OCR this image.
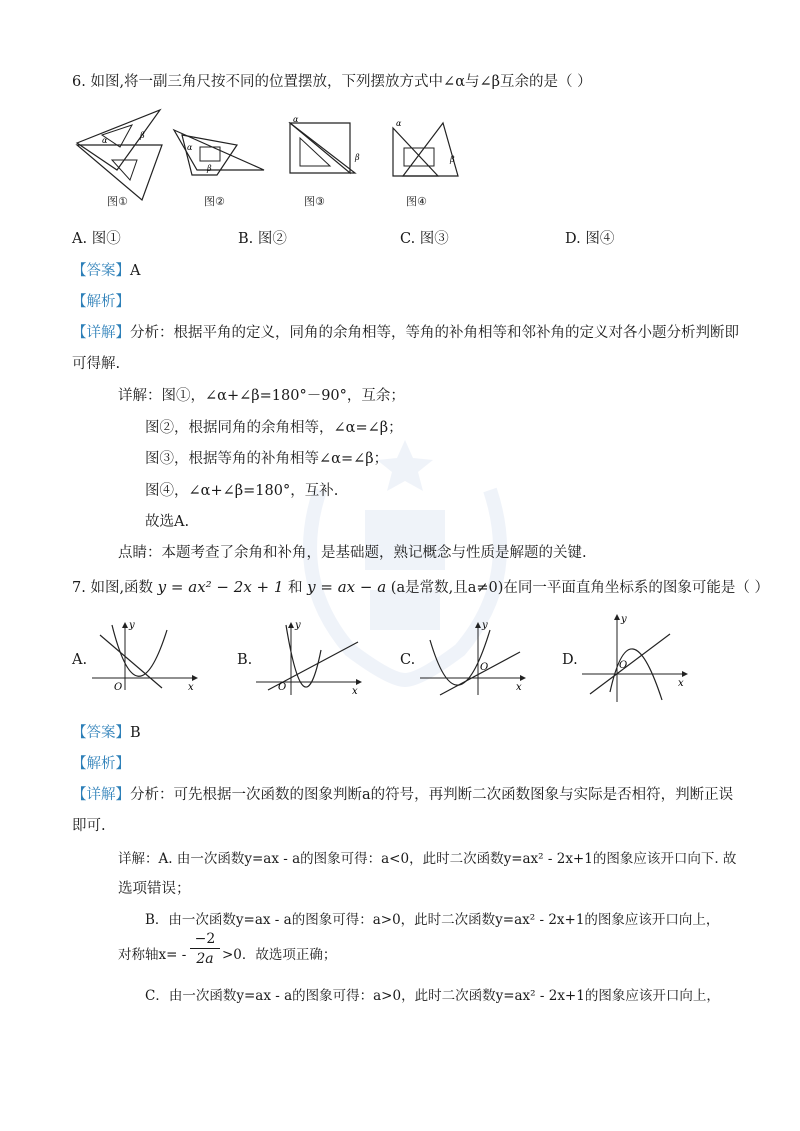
6. 如图,将一副三角尺按不同的位置摆放，下列摆放方式中∠α与∠β互余的是（ ）
α
β
α
β
α
β
α
β
图①	图②	图③	图④
A. 图①	B. 图②	C. 图③	D. 图④
【答案】A
【解析】
【详解】分析：根据平角的定义，同角的余角相等，等角的补角相等和邻补角的定义对各小题分析判断即
可得解.
详解：图①，∠α+∠β=180°－90°，互余；
图②，根据同角的余角相等，∠α=∠β；
图③，根据等角的补角相等∠α=∠β；
图④，∠α+∠β=180°，互补.
故选A.
点睛：本题考查了余角和补角，是基础题，熟记概念与性质是解题的关键.
7. 如图,函数 y = ax² − 2x + 1 和 y = ax − a (a是常数,且a≠0)在同一平面直角坐标系的图象可能是（ ）
A.	B.	C.	D.
x
y
O	x
y
O	x
y
O
x
y
O
【答案】B
【解析】
【详解】分析：可先根据一次函数的图象判断a的符号，再判断二次函数图象与实际是否相符，判断正误
即可.
详解：A. 由一次函数y=ax - a的图象可得：a<0，此时二次函数y=ax² - 2x+1的图象应该开口向下. 故
选项错误；
B．由一次函数y=ax - a的图象可得：a>0，此时二次函数y=ax² - 2x+1的图象应该开口向上，
对称轴$x= - \frac{-2}{2a} >0$．故选项正确；
C．由一次函数y=ax - a的图象可得：a>0，此时二次函数y=ax² - 2x+1的图象应该开口向上，
